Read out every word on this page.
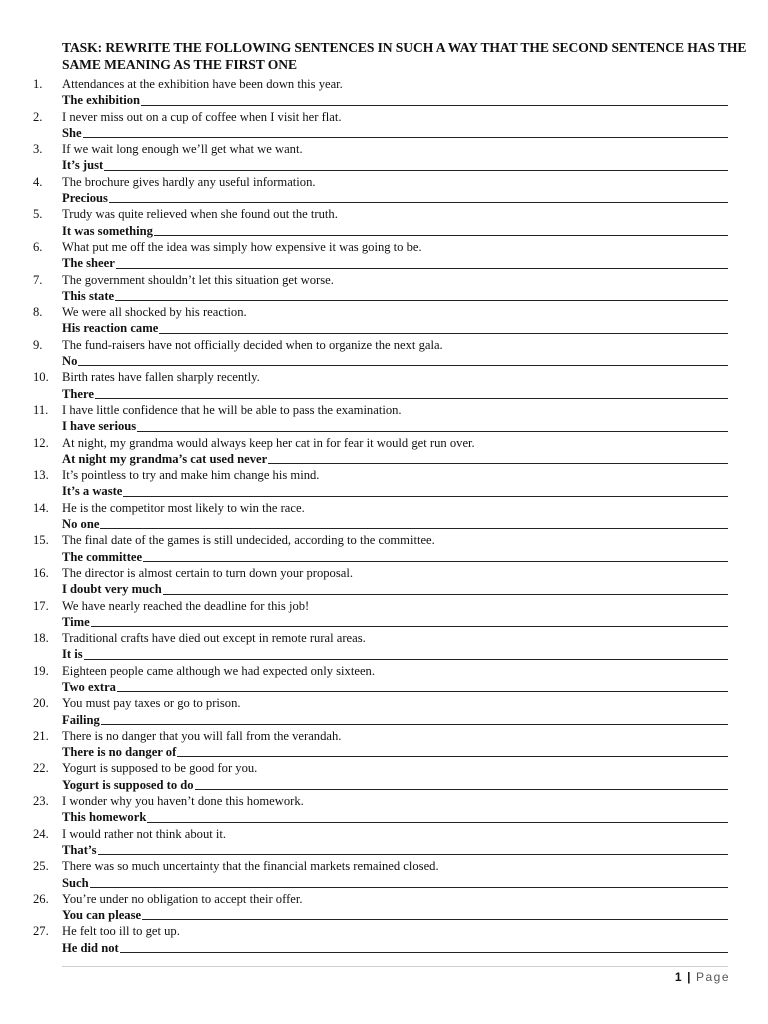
TASK: REWRITE THE FOLLOWING SENTENCES IN SUCH A WAY THAT THE SECOND SENTENCE HAS THE SAME MEANING AS THE FIRST ONE
1.	Attendances at the exhibition have been down this year.
The exhibition
2.	I never miss out on a cup of coffee when I visit her flat.
She
3.	If we wait long enough we’ll get what we want.
It’s just
4.	The brochure gives hardly any useful information.
Precious
5.	Trudy was quite relieved when she found out the truth.
It was something
6.	What put me off the idea was simply how expensive it was going to be.
The sheer
7.	The government shouldn’t let this situation get worse.
This state
8.	We were all shocked by his reaction.
His reaction came
9.	The fund-raisers have not officially decided when to organize the next gala.
No
10.	Birth rates have fallen sharply recently.
There
11.	I have little confidence that he will be able to pass the examination.
I have serious
12.	At night, my grandma would always keep her cat in for fear it would get run over.
At night my grandma’s cat used never
13.	It’s pointless to try and make him change his mind.
It’s a waste
14.	He is the competitor most likely to win the race.
No one
15.	The final date of the games is still undecided, according to the committee.
The committee
16.	The director is almost certain to turn down your proposal.
I doubt very much
17.	We have nearly reached the deadline for this job!
Time
18.	Traditional crafts have died out except in remote rural areas.
It is
19.	Eighteen people came although we had expected only sixteen.
Two extra
20.	You must pay taxes or go to prison.
Failing
21.	There is no danger that you will fall from the verandah.
There is no danger of
22.	Yogurt is supposed to be good for you.
Yogurt is supposed to do
23.	I wonder why you haven’t done this homework.
This homework
24.	I would rather not think about it.
That’s
25.	There was so much uncertainty that the financial markets remained closed.
Such
26.	You’re under no obligation to accept their offer.
You can please
27.	He felt too ill to get up.
He did not
1 | Page
